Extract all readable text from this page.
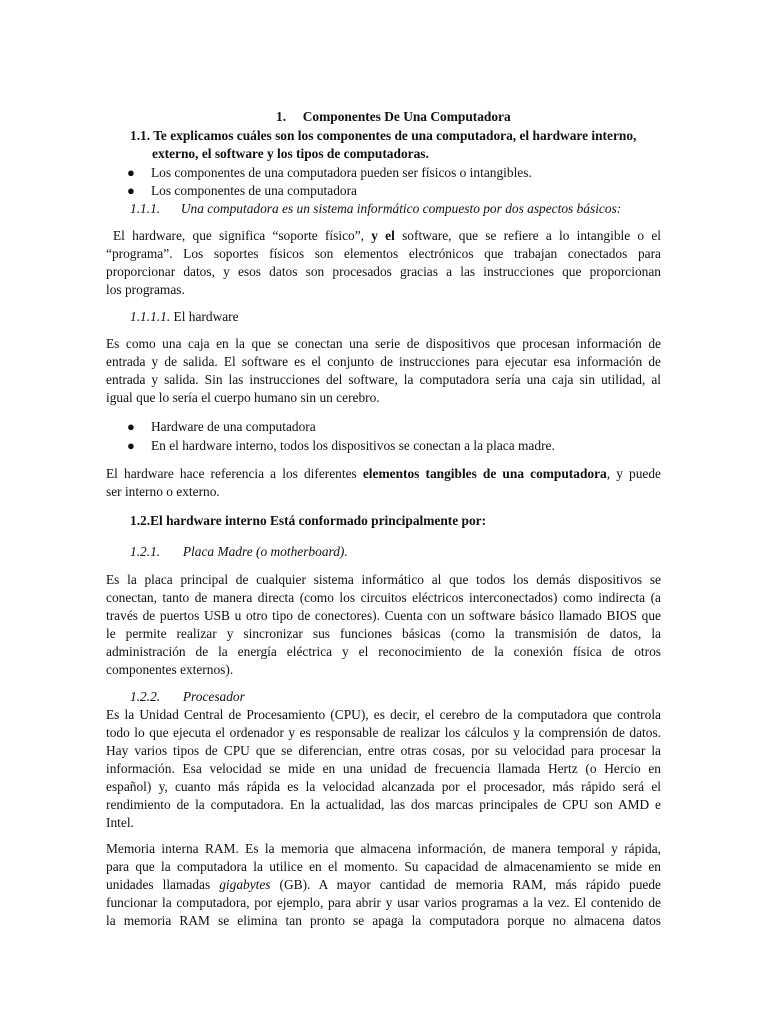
1. Componentes De Una Computadora
1.1. Te explicamos cuáles son los componentes de una computadora, el hardware interno,
externo, el software y los tipos de computadoras.
●	Los componentes de una computadora pueden ser físicos o intangibles.
●	Los componentes de una computadora
1.1.1. Una computadora es un sistema informático compuesto por dos aspectos básicos:
El hardware, que significa “soporte físico”, y el software, que se refiere a lo intangible o el
“programa”. Los soportes físicos son elementos electrónicos que trabajan conectados para
proporcionar datos, y esos datos son procesados gracias a las instrucciones que proporcionan
los programas.
1.1.1.1. El hardware
Es como una caja en la que se conectan una serie de dispositivos que procesan información de
entrada y de salida. El software es el conjunto de instrucciones para ejecutar esa información de
entrada y salida. Sin las instrucciones del software, la computadora sería una caja sin utilidad, al
igual que lo sería el cuerpo humano sin un cerebro.
●	Hardware de una computadora
●	En el hardware interno, todos los dispositivos se conectan a la placa madre.
El hardware hace referencia a los diferentes elementos tangibles de una computadora, y puede
ser interno o externo.
1.2.El hardware interno Está conformado principalmente por:
1.2.1. Placa Madre (o motherboard).
Es la placa principal de cualquier sistema informático al que todos los demás dispositivos se
conectan, tanto de manera directa (como los circuitos eléctricos interconectados) como indirecta (a
través de puertos USB u otro tipo de conectores). Cuenta con un software básico llamado BIOS que
le permite realizar y sincronizar sus funciones básicas (como la transmisión de datos, la
administración de la energía eléctrica y el reconocimiento de la conexión física de otros
componentes externos).
1.2.2. Procesador
Es la Unidad Central de Procesamiento (CPU), es decir, el cerebro de la computadora que controla
todo lo que ejecuta el ordenador y es responsable de realizar los cálculos y la comprensión de datos.
Hay varios tipos de CPU que se diferencian, entre otras cosas, por su velocidad para procesar la
información. Esa velocidad se mide en una unidad de frecuencia llamada Hertz (o Hercio en
español) y, cuanto más rápida es la velocidad alcanzada por el procesador, más rápido será el
rendimiento de la computadora. En la actualidad, las dos marcas principales de CPU son AMD e
Intel.
Memoria interna RAM. Es la memoria que almacena información, de manera temporal y rápida,
para que la computadora la utilice en el momento. Su capacidad de almacenamiento se mide en
unidades llamadas gigabytes (GB). A mayor cantidad de memoria RAM, más rápido puede
funcionar la computadora, por ejemplo, para abrir y usar varios programas a la vez. El contenido de
la memoria RAM se elimina tan pronto se apaga la computadora porque no almacena datos
